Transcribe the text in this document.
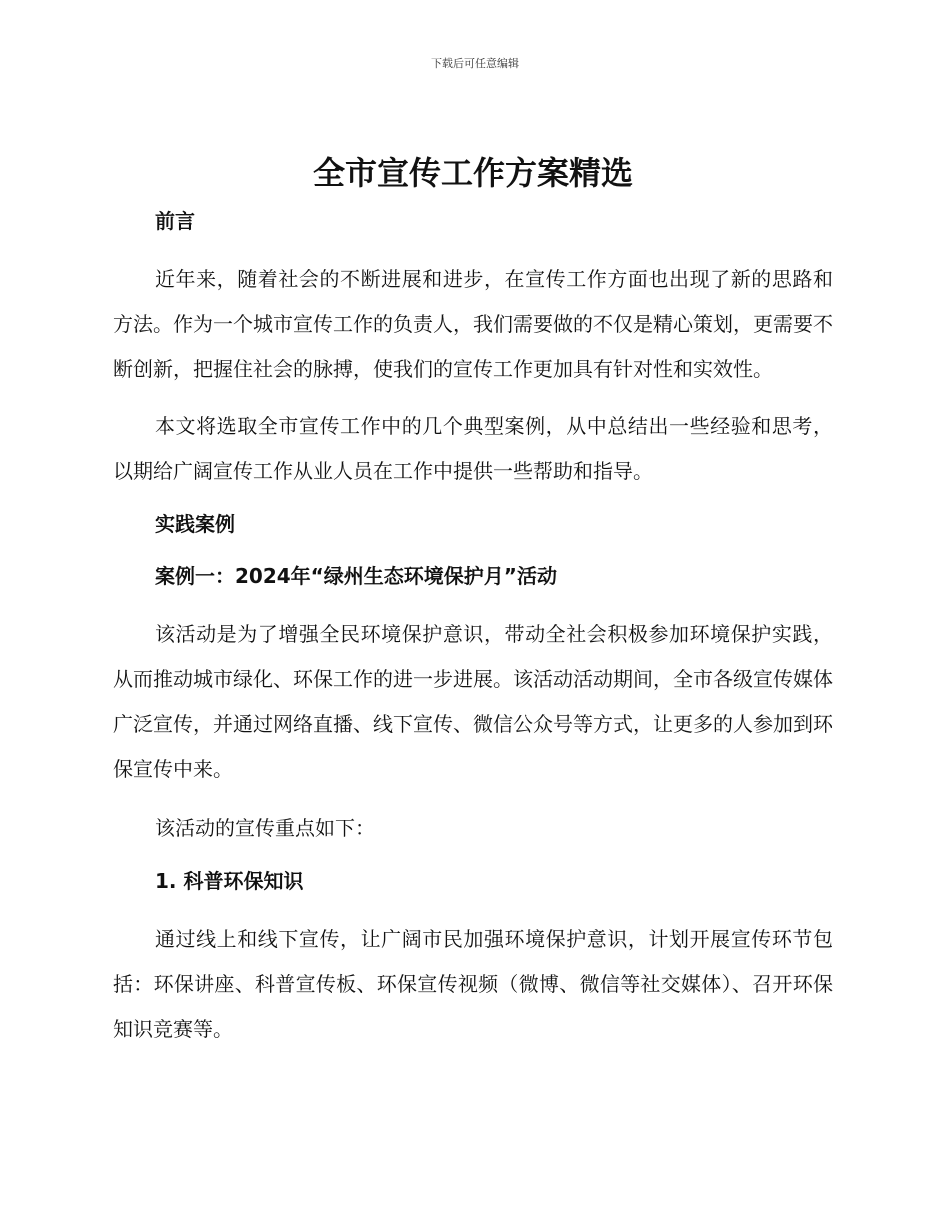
下载后可任意编辑
全市宣传工作方案精选
前言

近年来，随着社会的不断进展和进步，在宣传工作方面也出现了新的思路和方法。作为一个城市宣传工作的负责人，我们需要做的不仅是精心策划，更需要不断创新，把握住社会的脉搏，使我们的宣传工作更加具有针对性和实效性。

本文将选取全市宣传工作中的几个典型案例，从中总结出一些经验和思考，以期给广阔宣传工作从业人员在工作中提供一些帮助和指导。

实践案例
案例一：2024年“绿州生态环境保护月”活动

该活动是为了增强全民环境保护意识，带动全社会积极参加环境保护实践，从而推动城市绿化、环保工作的进一步进展。该活动活动期间，全市各级宣传媒体广泛宣传，并通过网络直播、线下宣传、微信公众号等方式，让更多的人参加到环保宣传中来。

该活动的宣传重点如下：

1. 科普环保知识

通过线上和线下宣传，让广阔市民加强环境保护意识，计划开展宣传环节包括：环保讲座、科普宣传板、环保宣传视频（微博、微信等社交媒体）、召开环保知识竞赛等。
